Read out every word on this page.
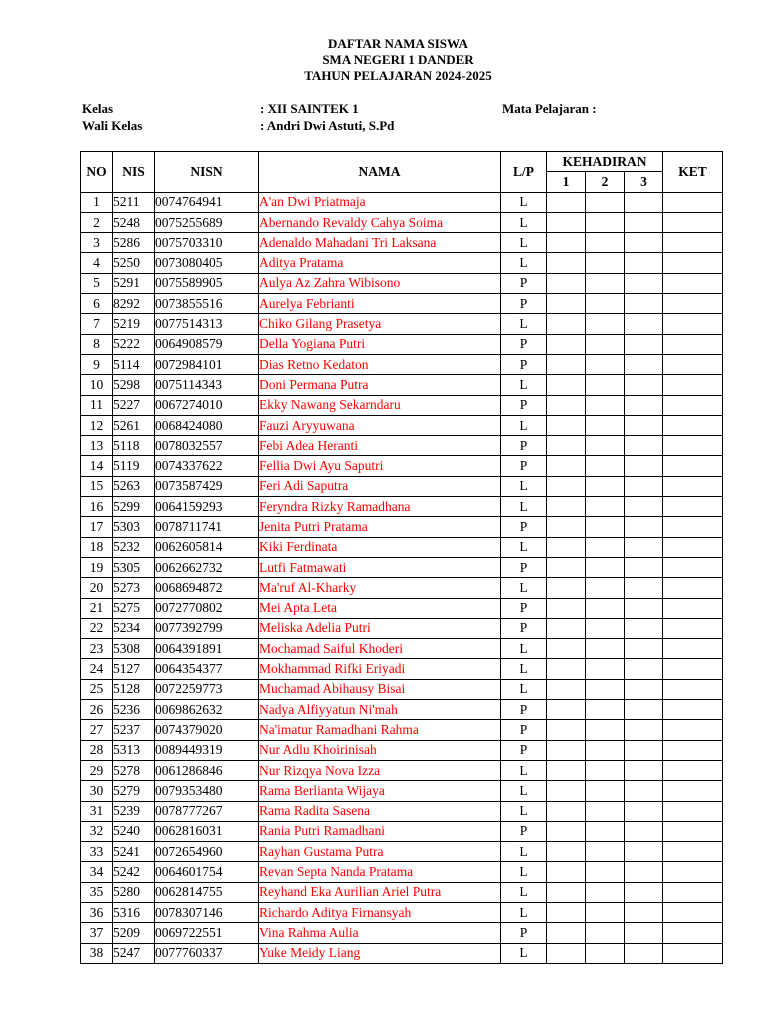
DAFTAR NAMA SISWA

SMA NEGERI 1 DANDER

TAHUN PELAJARAN 2024-2025

Kelas	: XII SAINTEK 1	Mata Pelajaran :
Wali Kelas	: Andri Dwi Astuti, S.Pd
NO	NIS	NISN	NAMA	L/P	KEHADIRAN			KET
					1	2	3	
1	5211	0074764941	A'an Dwi Priatmaja	L				
2	5248	0075255689	Abernando Revaldy Cahya Soima	L				
3	5286	0075703310	Adenaldo Mahadani Tri Laksana	L				
4	5250	0073080405	Aditya Pratama	L				
5	5291	0075589905	Aulya Az Zahra Wibisono	P				
6	8292	0073855516	Aurelya Febrianti	P				
7	5219	0077514313	Chiko Gilang Prasetya	L				
8	5222	0064908579	Della Yogiana Putri	P				
9	5114	0072984101	Dias Retno Kedaton	P				
10	5298	0075114343	Doni Permana Putra	L				
11	5227	0067274010	Ekky Nawang Sekarndaru	P				
12	5261	0068424080	Fauzi Aryyuwana	L				
13	5118	0078032557	Febi Adea Heranti	P				
14	5119	0074337622	Fellia Dwi Ayu Saputri	P				
15	5263	0073587429	Feri Adi Saputra	L				
16	5299	0064159293	Feryndra Rizky Ramadhana	L				
17	5303	0078711741	Jenita Putri Pratama	P				
18	5232	0062605814	Kiki Ferdinata	L				
19	5305	0062662732	Lutfi Fatmawati	P				
20	5273	0068694872	Ma'ruf Al-Kharky	L				
21	5275	0072770802	Mei Apta Leta	P				
22	5234	0077392799	Meliska Adelia Putri	P				
23	5308	0064391891	Mochamad Saiful Khoderi	L				
24	5127	0064354377	Mokhammad Rifki Eriyadi	L				
25	5128	0072259773	Muchamad Abihausy Bisai	L				
26	5236	0069862632	Nadya Alfiyyatun Ni'mah	P				
27	5237	0074379020	Na'imatur Ramadhani Rahma	P				
28	5313	0089449319	Nur Adlu Khoirinisah	P				
29	5278	0061286846	Nur Rizqya Nova Izza	L				
30	5279	0079353480	Rama Berlianta Wijaya	L				
31	5239	0078777267	Rama Radita Sasena	L				
32	5240	0062816031	Rania Putri Ramadhani	P				
33	5241	0072654960	Rayhan Gustama Putra	L				
34	5242	0064601754	Revan Septa Nanda Pratama	L				
35	5280	0062814755	Reyhand Eka Aurilian Ariel Putra	L				
36	5316	0078307146	Richardo Aditya Firnansyah	L				
37	5209	0069722551	Vina Rahma Aulia	P				
38	5247	0077760337	Yuke Meidy Liang	L				
